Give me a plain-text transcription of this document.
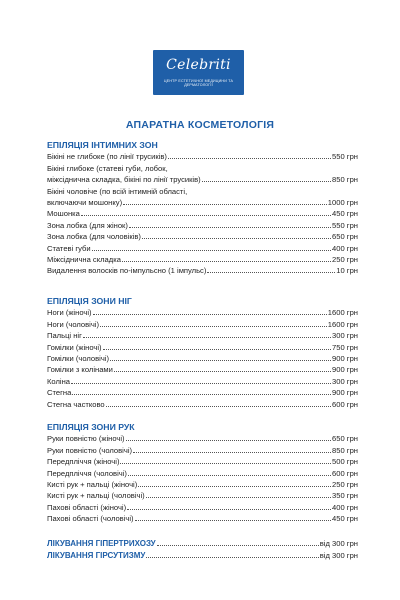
Celebriti
ЦЕНТР ЕСТЕТИЧНОЇ МЕДИЦИНИ ТА ДЕРМАТОЛОГІЇ
АПАРАТНА КОСМЕТОЛОГІЯ
ЕПІЛЯЦІЯ ІНТИМНИХ ЗОН
Бікіні не глибоке (по лінії трусиків)	550 грн
Бікіні глибоке (статеві губи, лобок,
міжсіднична складка, бікіні по лінії трусиків)	850 грн
Бікіні чоловіче (по всій інтимній області,
включаючи мошонку)	1000 грн
Мошонка	450 грн
Зона лобка (для жінок)	550 грн
Зона лобка (для чоловіків)	650 грн
Статеві губи	400 грн
Міжсіднична складка	250 грн
Видалення волосків по-імпульсно (1 імпульс)	10 грн
ЕПІЛЯЦІЯ ЗОНИ НІГ
Ноги (жіночі)	1600 грн
Ноги (чоловічі)	1600 грн
Пальці ніг	300 грн
Гомілки (жіночі)	750 грн
Гомілки (чоловічі)	900 грн
Гомілки з колінами	900 грн
Коліна	300 грн
Стегна	900 грн
Стегна частково	600 грн
ЕПІЛЯЦІЯ ЗОНИ РУК
Руки повністю (жіночі)	650 грн
Руки повністю (чоловічі)	850 грн
Передпліччя (жіночі)	500 грн
Передпліччя (чоловічі)	600 грн
Кисті рук + пальці (жіночі)	250 грн
Кисті рук + пальці (чоловічі)	350 грн
Пахові області (жіночі)	400 грн
Пахові області (чоловічі)	450 грн
ЛІКУВАННЯ ГІПЕРТРИХОЗУ	від 300 грн
ЛІКУВАННЯ ГІРСУТИЗМУ	від 300 грн
